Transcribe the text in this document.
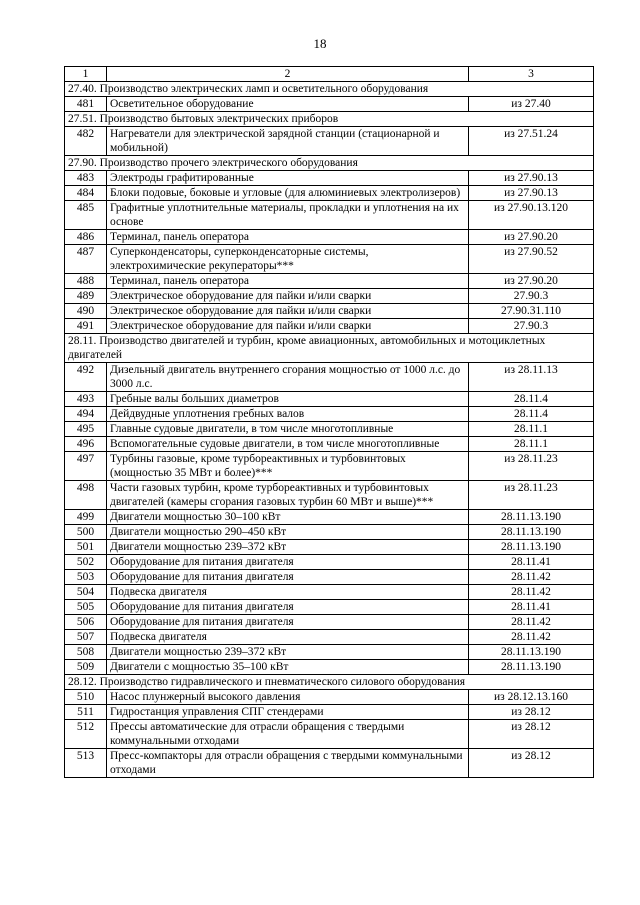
18
1	2	3
27.40. Производство электрических ламп и осветительного оборудования		
481	Осветительное оборудование	из 27.40
27.51. Производство бытовых электрических приборов		
482	Нагреватели для электрической зарядной станции (стационарной и мобильной)	из 27.51.24
27.90. Производство прочего электрического оборудования		
483	Электроды графитированные	из 27.90.13
484	Блоки подовые, боковые и угловые (для алюминиевых электролизеров)	из 27.90.13
485	Графитные уплотнительные материалы, прокладки и уплотнения на их основе	из 27.90.13.120
486	Терминал, панель оператора	из 27.90.20
487	Суперконденсаторы, суперконденсаторные системы, электрохимические рекуператоры***	из 27.90.52
488	Терминал, панель оператора	из 27.90.20
489	Электрическое оборудование для пайки и/или сварки	27.90.3
490	Электрическое оборудование для пайки и/или сварки	27.90.31.110
491	Электрическое оборудование для пайки и/или сварки	27.90.3
28.11. Производство двигателей и турбин, кроме авиационных, автомобильных и мотоциклетных двигателей		
492	Дизельный двигатель внутреннего сгорания мощностью от 1000 л.с. до 3000 л.с.	из 28.11.13
493	Гребные валы больших диаметров	28.11.4
494	Дейдвудные уплотнения гребных валов	28.11.4
495	Главные судовые двигатели, в том числе многотопливные	28.11.1
496	Вспомогательные судовые двигатели, в том числе многотопливные	28.11.1
497	Турбины газовые, кроме турбореактивных и турбовинтовых (мощностью 35 МВт и более)***	из 28.11.23
498	Части газовых турбин, кроме турбореактивных и турбовинтовых двигателей (камеры сгорания газовых турбин 60 МВт и выше)***	из 28.11.23
499	Двигатели мощностью 30–100 кВт	28.11.13.190
500	Двигатели мощностью 290–450 кВт	28.11.13.190
501	Двигатели мощностью 239–372 кВт	28.11.13.190
502	Оборудование для питания двигателя	28.11.41
503	Оборудование для питания двигателя	28.11.42
504	Подвеска двигателя	28.11.42
505	Оборудование для питания двигателя	28.11.41
506	Оборудование для питания двигателя	28.11.42
507	Подвеска двигателя	28.11.42
508	Двигатели мощностью 239–372 кВт	28.11.13.190
509	Двигатели с мощностью 35–100 кВт	28.11.13.190
28.12. Производство гидравлического и пневматического силового оборудования		
510	Насос плунжерный высокого давления	из 28.12.13.160
511	Гидростанция управления СПГ стендерами	из 28.12
512	Прессы автоматические для отрасли обращения с твердыми коммунальными отходами	из 28.12
513	Пресс-компакторы для отрасли обращения с твердыми коммунальными отходами	из 28.12
